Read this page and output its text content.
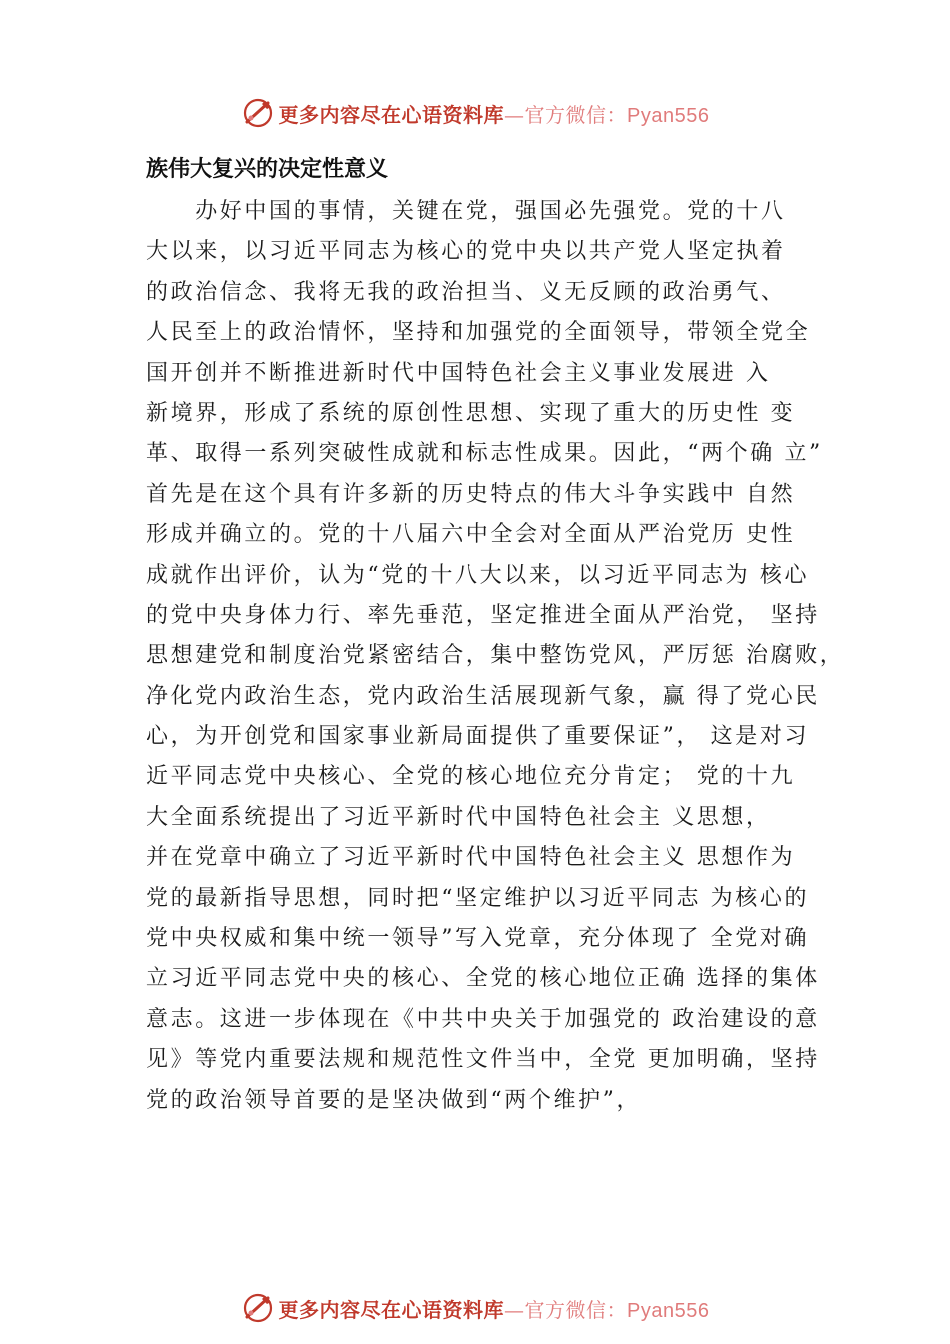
更多内容尽在心语资料库—官方微信：Pyan556
族伟大复兴的决定性意义
　　办好中国的事情，关键在党，强国必先强党。党的十八
大以来，以习近平同志为核心的党中央以共产党人坚定执着
的政治信念、我将无我的政治担当、义无反顾的政治勇气、
人民至上的政治情怀，坚持和加强党的全面领导，带领全党全
国开创并不断推进新时代中国特色社会主义事业发展进 入
新境界，形成了系统的原创性思想、实现了重大的历史性 变
革、取得一系列突破性成就和标志性成果。因此，“两个确 立”
首先是在这个具有许多新的历史特点的伟大斗争实践中 自然
形成并确立的。党的十八届六中全会对全面从严治党历 史性
成就作出评价，认为“党的十八大以来，以习近平同志为 核心
的党中央身体力行、率先垂范，坚定推进全面从严治党， 坚持
思想建党和制度治党紧密结合，集中整饬党风，严厉惩 治腐败，
净化党内政治生态，党内政治生活展现新气象，赢 得了党心民
心，为开创党和国家事业新局面提供了重要保证”， 这是对习
近平同志党中央核心、全党的核心地位充分肯定； 党的十九
大全面系统提出了习近平新时代中国特色社会主 义思想，
并在党章中确立了习近平新时代中国特色社会主义 思想作为
党的最新指导思想，同时把“坚定维护以习近平同志 为核心的
党中央权威和集中统一领导”写入党章，充分体现了 全党对确
立习近平同志党中央的核心、全党的核心地位正确 选择的集体
意志。这进一步体现在《中共中央关于加强党的 政治建设的意
见》等党内重要法规和规范性文件当中，全党 更加明确，坚持
党的政治领导首要的是坚决做到“两个维护”，
更多内容尽在心语资料库—官方微信：Pyan556
